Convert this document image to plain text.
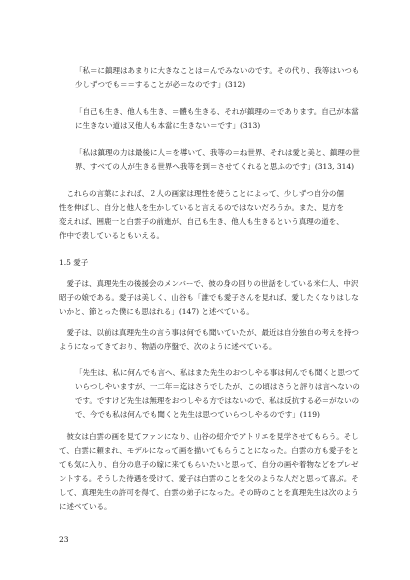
「私＝に鎮理はあまりに大きなことは＝んでみないのです。その代り、我等はいつも
少しずつでも＝＝することが必＝なのです」(312)
「自己も生き、他人も生き、＝體も生きる、それが鎮理の＝であります。自己が本當
に生きない道は又他人も本當に生きない＝です」(313)
「私は鎮理の力は最後に人＝を導いて、我等の＝ね世界、それは愛と美と、鎮理の世
界、すべての人が生きる世界へ我等を到＝させてくれると思ふのです」(313, 314)
　これらの言葉によれば、２人の画家は理性を使うことによって、少しずつ自分の個
性を伸ばし、自分と他人を生かしていると言えるのではないだろうか。また、見方を
変えれば、囲鹿一と白雲子の前進が、自己も生き、他人も生きるという真理の道を、
作中で表しているともいえる。
1.5 愛子
　愛子は、真理先生の後援会のメンバーで、彼の身の回りの世話をしている米仁人、中沢
昭子の娘である。愛子は美しく、山谷も「誰でも愛子さんを見れば、愛したくなりはしな
いかと、節とった僕にも思はれる」(147) と述べている。
　愛子は、以前は真理先生の言う事は何でも聞いていたが、最近は自分独自の考えを持つ
ようになってきており、物語の序盤で、次のように述べている。
「先生は、私に何んでも言へ、私はまた先生のおつしやる事は何んでも聞くと思つて
いらつしやいますが、一二年＝迄はさうでしたが、この頃はさうと評りは言へないの
です。ですけど先生は無理をおつしやる方ではないので、私は反抗する必＝がないの
で、今でも私は何んでも聞くと先生は思つていらつしやるのです」(119)
　彼女は白雲の画を見てファンになり、山谷の紹介でアトリエを見学させてもらう。そし
て、白雲に頼まれ、モデルになって画を描いてもらうことになった。白雲の方も愛子をと
ても気に入り、自分の息子の嫁に来てもらいたいと思って、自分の画や着物などをプレゼ
ントする。そうした待遇を受けて、愛子は白雲のことを父のような人だと思って喜ぶ。そ
して、真理先生の許可を得て、白雲の弟子になった。その時のことを真理先生は次のよう
に述べている。
23
